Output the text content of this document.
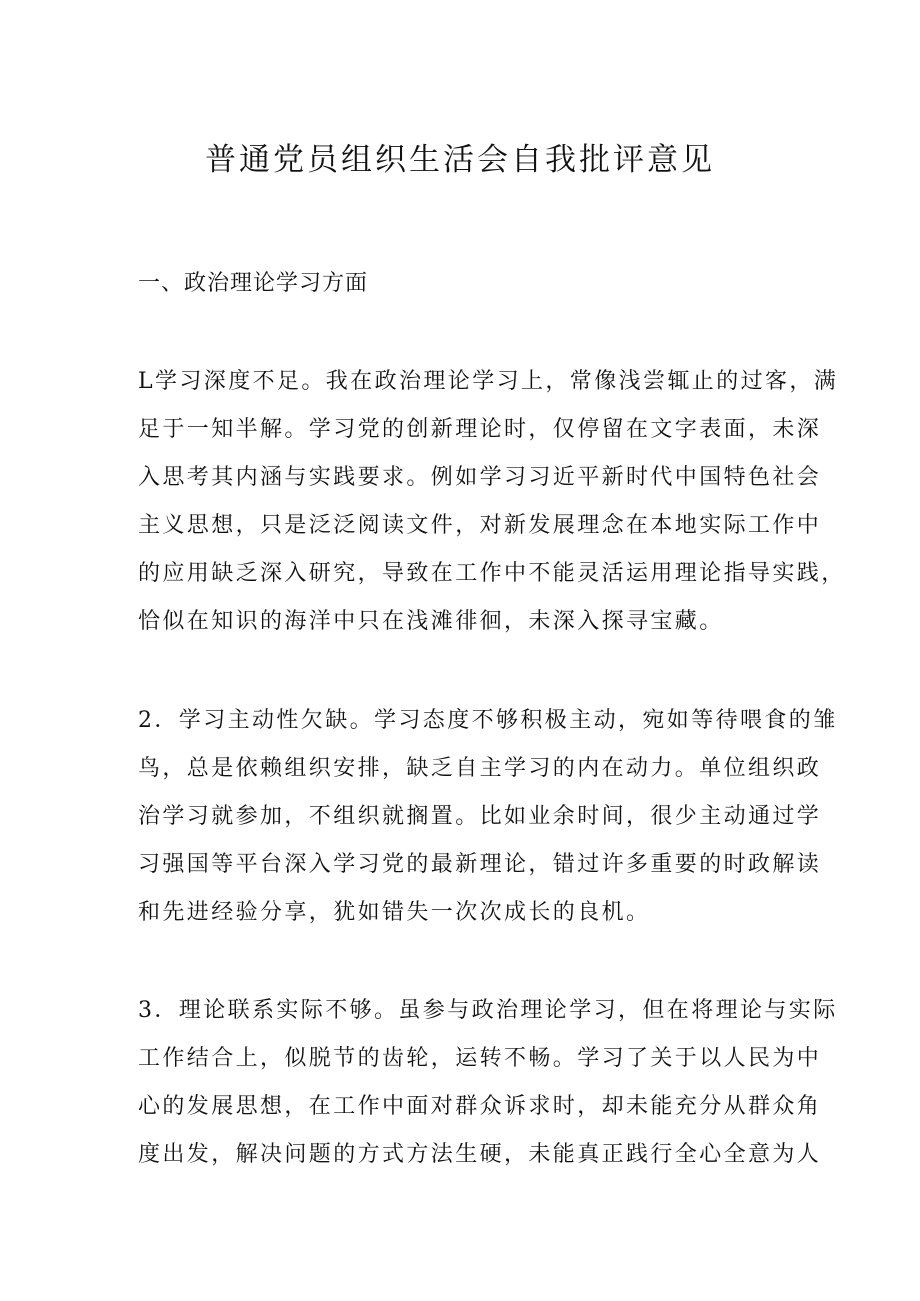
普通党员组织生活会自我批评意见
一、政治理论学习方面
L学习深度不足。我在政治理论学习上，常像浅尝辄止的过客，满
足于一知半解。学习党的创新理论时，仅停留在文字表面，未深
入思考其内涵与实践要求。例如学习习近平新时代中国特色社会
主义思想，只是泛泛阅读文件，对新发展理念在本地实际工作中
的应用缺乏深入研究，导致在工作中不能灵活运用理论指导实践，
恰似在知识的海洋中只在浅滩徘徊，未深入探寻宝藏。
2．学习主动性欠缺。学习态度不够积极主动，宛如等待喂食的雏
鸟，总是依赖组织安排，缺乏自主学习的内在动力。单位组织政
治学习就参加，不组织就搁置。比如业余时间，很少主动通过学
习强国等平台深入学习党的最新理论，错过许多重要的时政解读
和先进经验分享，犹如错失一次次成长的良机。
3．理论联系实际不够。虽参与政治理论学习，但在将理论与实际
工作结合上，似脱节的齿轮，运转不畅。学习了关于以人民为中
心的发展思想，在工作中面对群众诉求时，却未能充分从群众角
度出发，解决问题的方式方法生硬，未能真正践行全心全意为人
